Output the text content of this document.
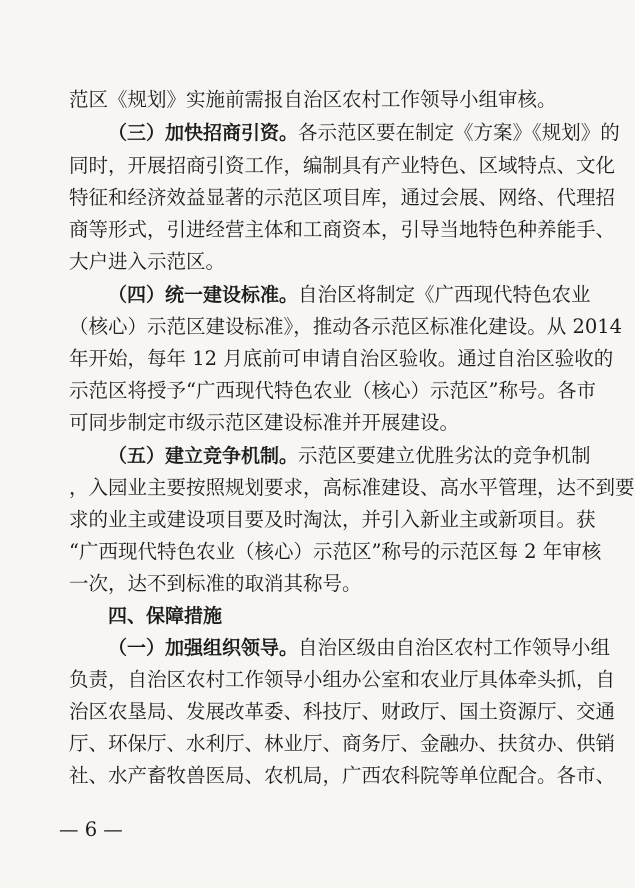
范区《规划》实施前需报自治区农村工作领导小组审核。
（三）加快招商引资。各示范区要在制定《方案》《规划》的
同时，开展招商引资工作，编制具有产业特色、区域特点、文化
特征和经济效益显著的示范区项目库，通过会展、网络、代理招
商等形式，引进经营主体和工商资本，引导当地特色种养能手、
大户进入示范区。
（四）统一建设标准。自治区将制定《广西现代特色农业
（核心）示范区建设标准》，推动各示范区标准化建设。从 2014
年开始，每年 12 月底前可申请自治区验收。通过自治区验收的
示范区将授予“广西现代特色农业（核心）示范区”称号。各市
可同步制定市级示范区建设标准并开展建设。
（五）建立竞争机制。示范区要建立优胜劣汰的竞争机制
，入园业主要按照规划要求，高标准建设、高水平管理，达不到要
求的业主或建设项目要及时淘汰，并引入新业主或新项目。获
“广西现代特色农业（核心）示范区”称号的示范区每 2 年审核
一次，达不到标准的取消其称号。
四、保障措施
（一）加强组织领导。自治区级由自治区农村工作领导小组
负责，自治区农村工作领导小组办公室和农业厅具体牵头抓，自
治区农垦局、发展改革委、科技厅、财政厅、国土资源厅、交通
厅、环保厅、水利厅、林业厅、商务厅、金融办、扶贫办、供销
社、水产畜牧兽医局、农机局，广西农科院等单位配合。各市、
— 6 —
